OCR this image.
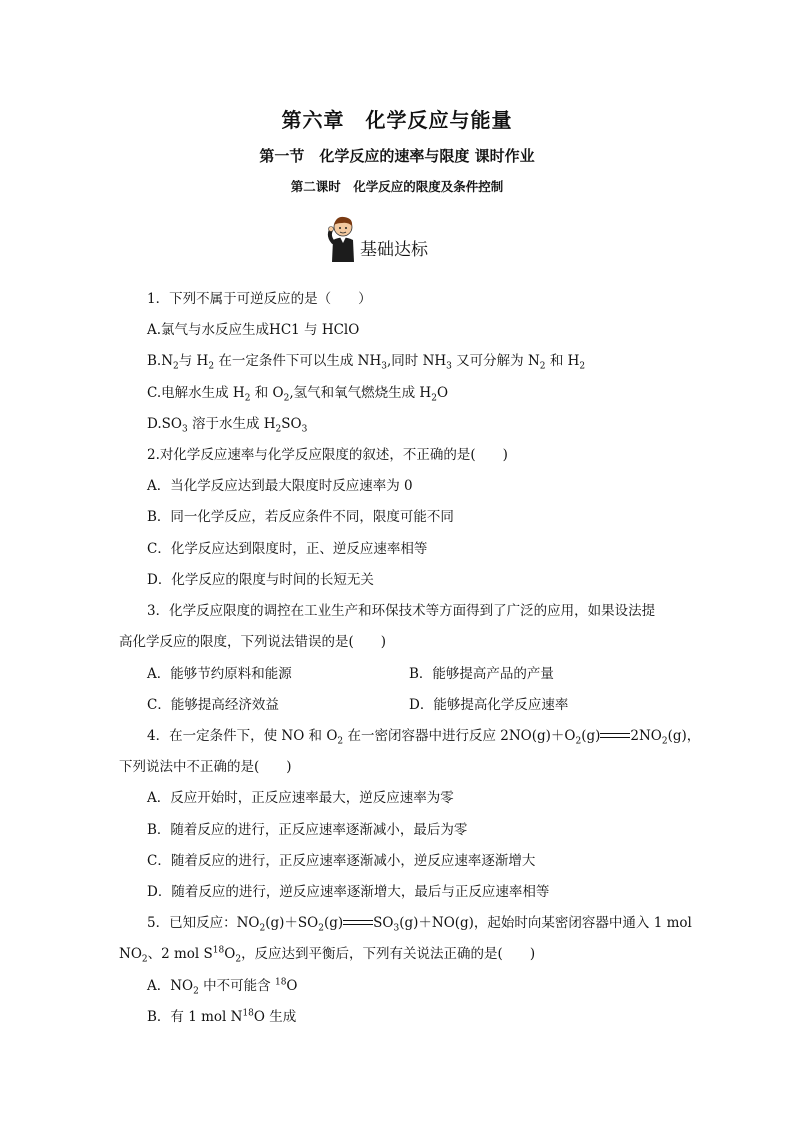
第六章　化学反应与能量
第一节　化学反应的速率与限度 课时作业
第二课时　化学反应的限度及条件控制
基础达标
1．下列不属于可逆反应的是（　　）
A.氯气与水反应生成HC1 与 HClO
$B.N_2$与 $H_2$ 在一定条件下可以生成 $NH_3$,同时 $NH_3$ 又可分解为 $N_2$ 和 $H_2$
C.电解水生成 $H_2$ 和 $O_2$,氢气和氧气燃烧生成 $H_2O$
$D.SO_3$ 溶于水生成 $H_2SO_3$
2.对化学反应速率与化学反应限度的叙述，不正确的是(　　)
A．当化学反应达到最大限度时反应速率为 0
B．同一化学反应，若反应条件不同，限度可能不同
C．化学反应达到限度时，正、逆反应速率相等
D．化学反应的限度与时间的长短无关
3．化学反应限度的调控在工业生产和环保技术等方面得到了广泛的应用，如果设法提
高化学反应的限度，下列说法错误的是(　　)
A．能够节约原料和能源	B．能够提高产品的产量
C．能够提高经济效益	D．能够提高化学反应速率
4．在一定条件下，使 NO 和 $O_2$ 在一密闭容器中进行反应 $2NO(g)+O_2(g)$ $2NO_2(g)$，
下列说法中不正确的是(　　)
A．反应开始时，正反应速率最大，逆反应速率为零
B．随着反应的进行，正反应速率逐渐减小，最后为零
C．随着反应的进行，正反应速率逐渐减小，逆反应速率逐渐增大
D．随着反应的进行，逆反应速率逐渐增大，最后与正反应速率相等
5．已知反应：$NO_2(g)+SO_2(g)$ $SO_3(g)+NO(g)$，起始时向某密闭容器中通入 1 mol
$NO_2$、2 mol $S^{18}O_2$，反应达到平衡后，下列有关说法正确的是(　　)
A．$NO_2$ 中不可能含 $^{18}$O
B．有 1 mol $N^{18}O$ 生成
